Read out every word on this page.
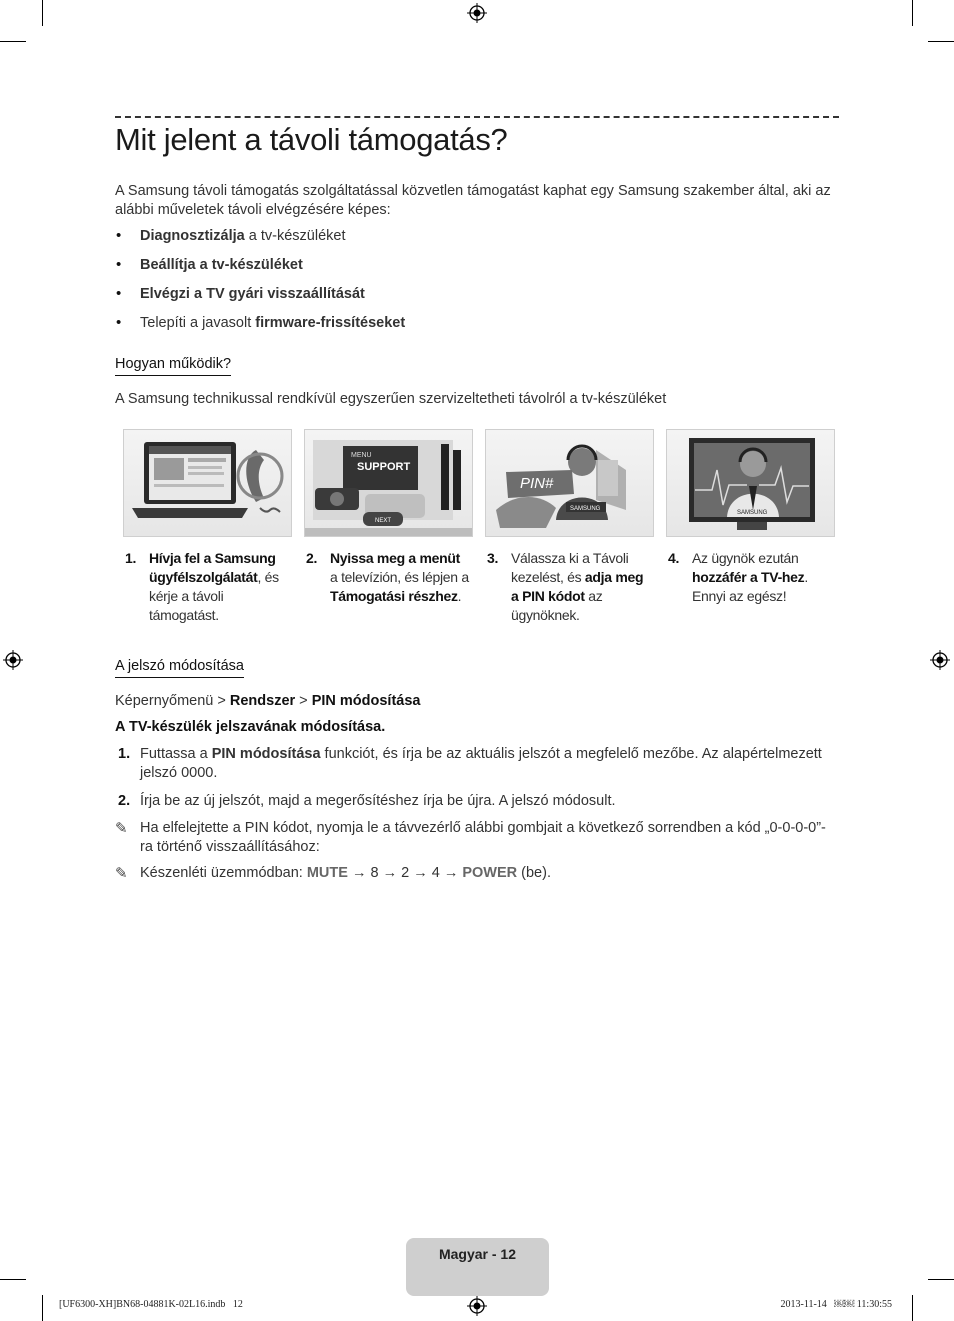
Mit jelent a távoli támogatás?

A Samsung távoli támogatás szolgáltatással közvetlen támogatást kaphat egy Samsung szakember által, aki az alábbi műveletek távoli elvégzésére képes:

• Diagnosztizálja a tv-készüléket
• Beállítja a tv-készüléket
• Elvégzi a TV gyári visszaállítását
• Telepíti a javasolt firmware-frissítéseket
Hogyan működik?

A Samsung technikussal rendkívül egyszerűen szervizeltetheti távolról a tv-készüléket

MENU
SUPPORT
NEXT
SAMSUNG
PIN#
SAMSUNG
1. Hívja fel a Samsung ügyfélszolgálatát, és kérje a távoli támogatást.
2. Nyissa meg a menüt a televízión, és lépjen a Támogatási részhez.
3. Válassza ki a Távoli kezelést, és adja meg a PIN kódot az ügynöknek.
4. Az ügynök ezután hozzáfér a TV-hez. Ennyi az egész!
A jelszó módosítása

Képernyőmenü > Rendszer > PIN módosítása

A TV-készülék jelszavának módosítása.

1. Futtassa a PIN módosítása funkciót, és írja be az aktuális jelszót a megfelelő mezőbe. Az alapértelmezett jelszó 0000.
2. Írja be az új jelszót, majd a megerősítéshez írja be újra. A jelszó módosult.
✎ Ha elfelejtette a PIN kódot, nyomja le a távvezérlő alábbi gombjait a következő sorrendben a kód „0-0-0-0”-ra történő visszaállításához:
✎ Készenléti üzemmódban: MUTE → 8 → 2 → 4 → POWER (be).
Magyar - 12
[UF6300-XH]BN68-04881K-02L16.indb   12	2013-11-14   ￼￼ 11:30:55
